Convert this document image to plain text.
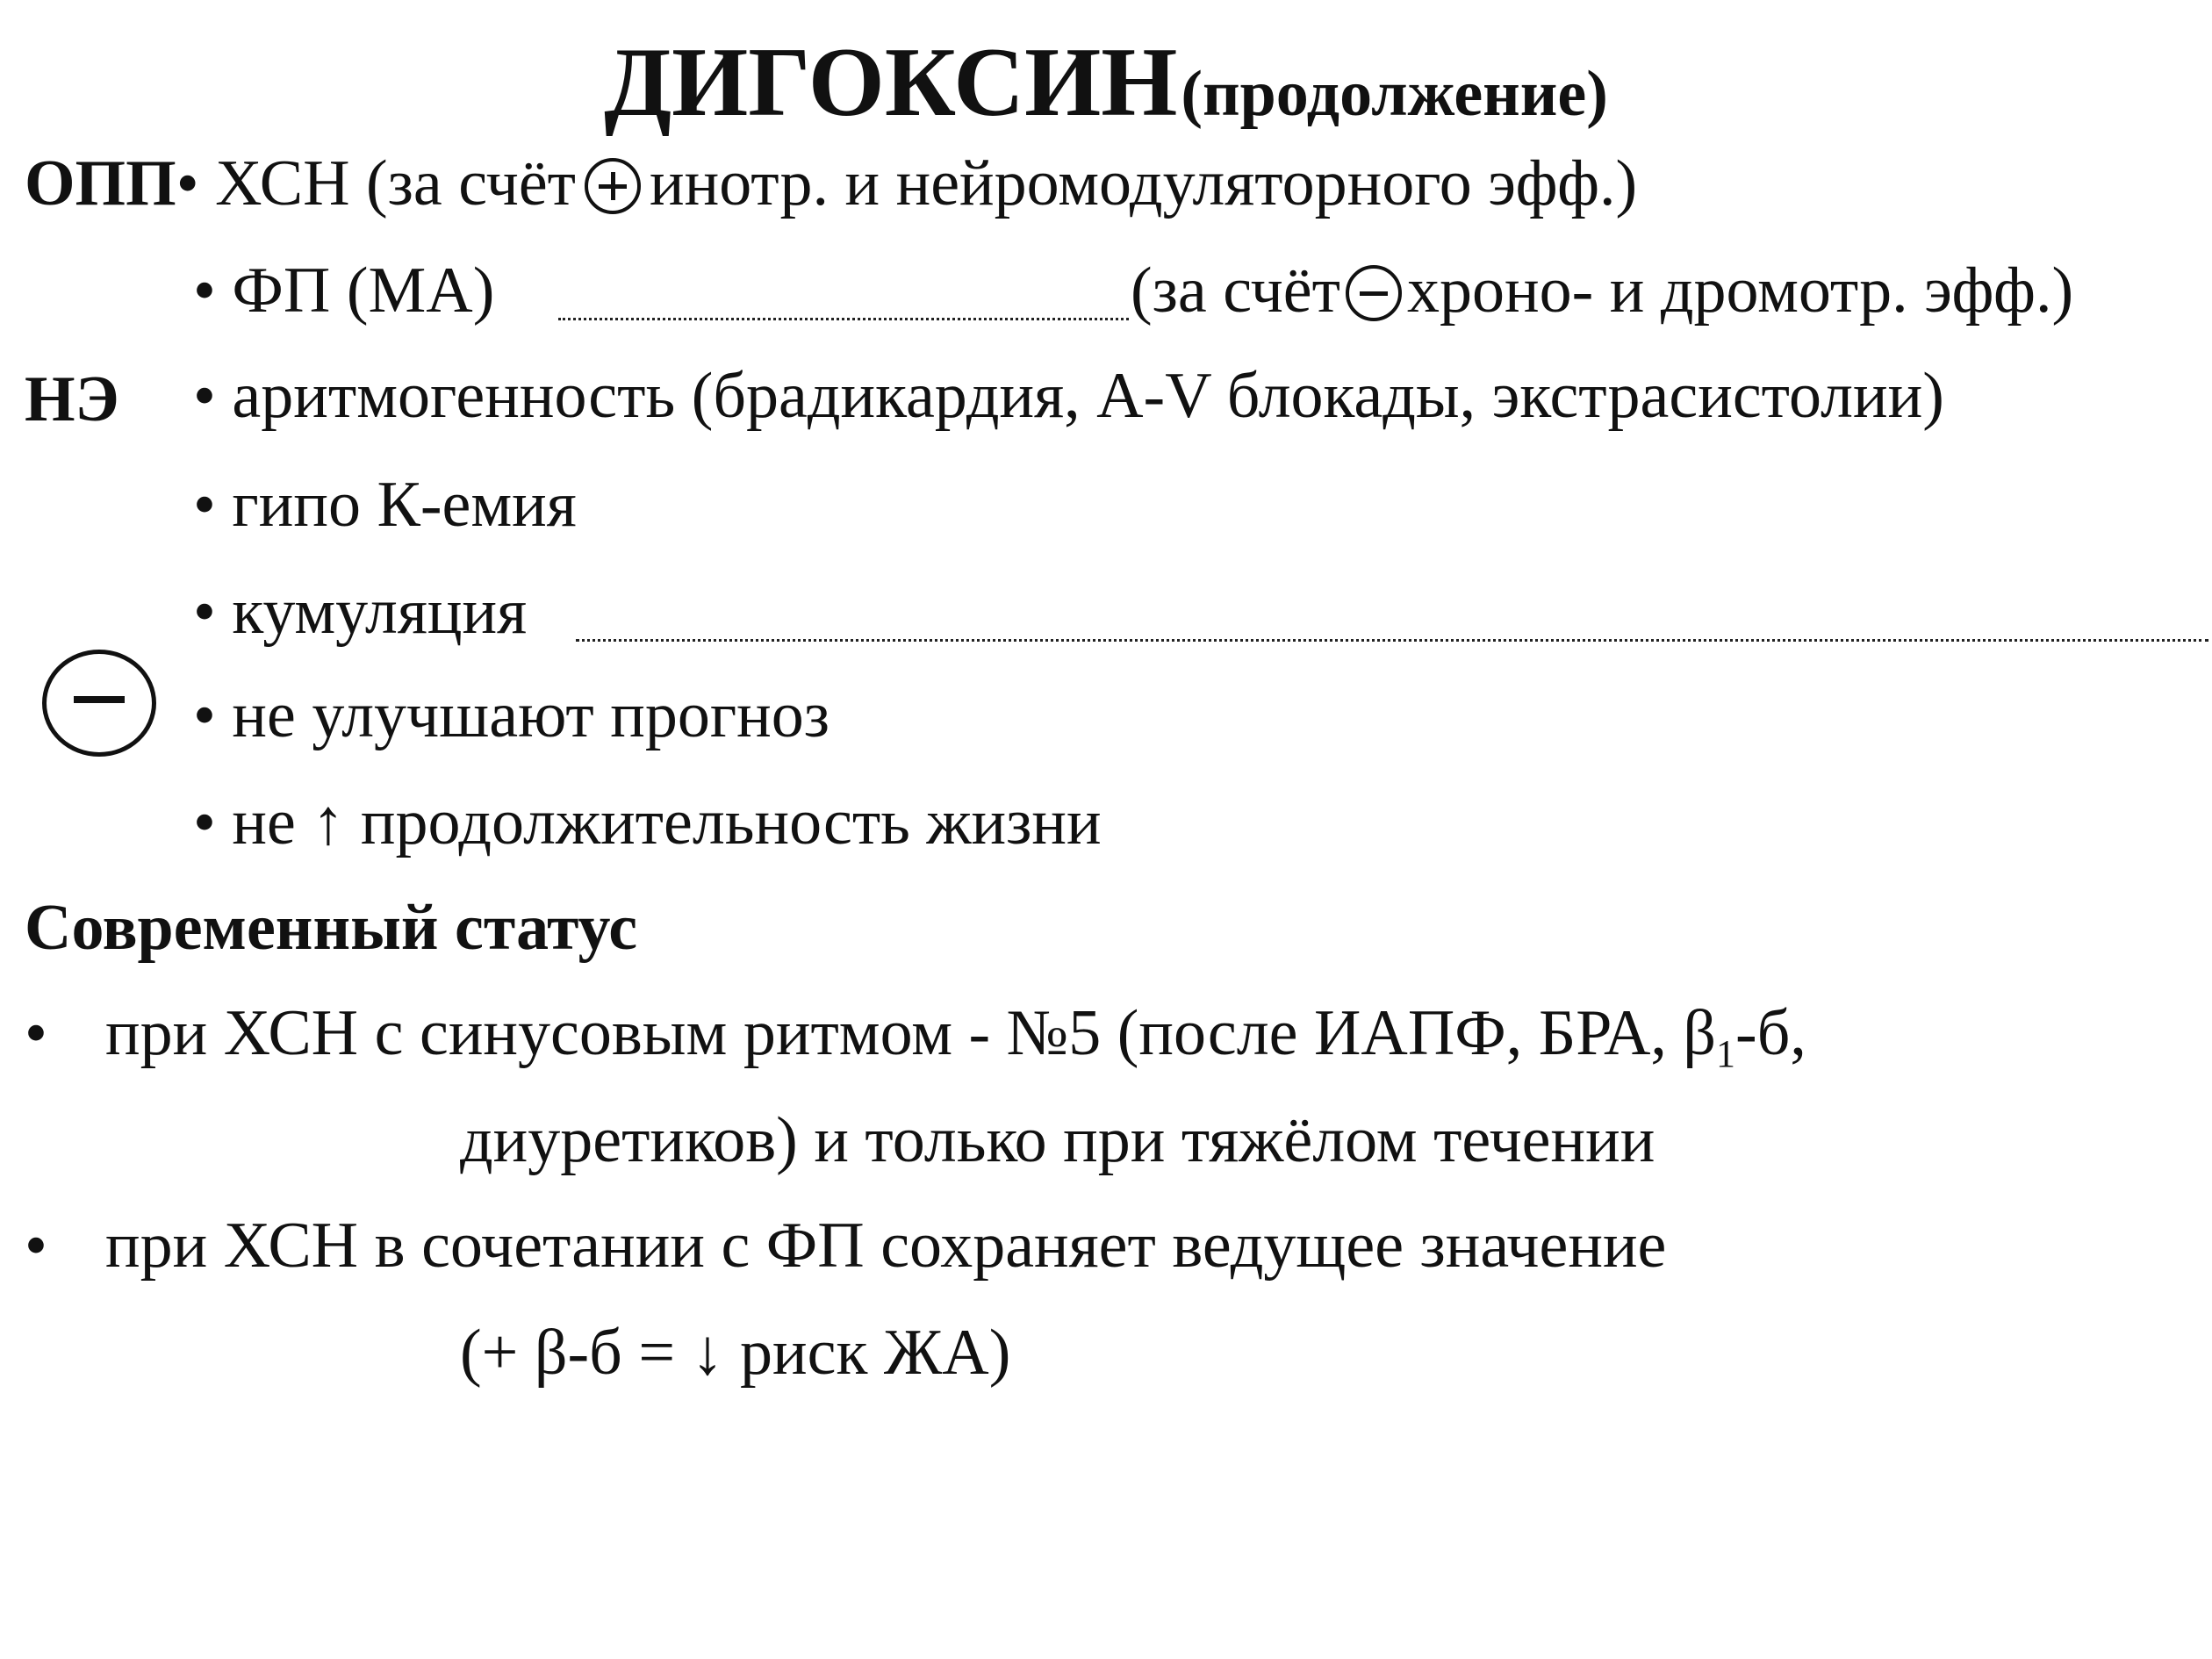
ДИГОКСИН (продолжение)
ОПП• ХСН (за счёт инотр. и нейромодуляторного эфф.)
• ФП (МА)	(за счёт хроно- и дромотр. эфф.)
НЭ • аритмогенность (брадикардия, A-V блокады, экстрасистолии)
• гипо К-емия
• кумуляция
• не улучшают прогноз
• не ↑ продолжительность жизни
Современный статус
• при ХСН с синусовым ритмом - №5 (после ИАПФ, БРА, $\beta_1-б$,
диуретиков) и только при тяжёлом течении
• при ХСН в сочетании с ФП сохраняет ведущее значение
(+ β-б = ↓ риск ЖА)
